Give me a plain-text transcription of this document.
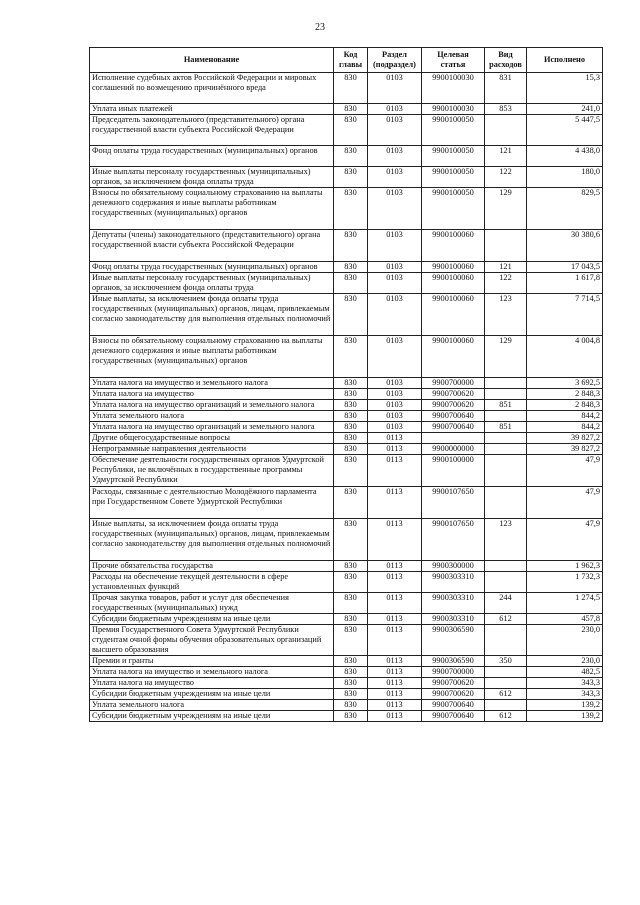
23
Наименование	Код главы	Раздел (подраздел)	Целевая статья	Вид расходов	Исполнено
Исполнение судебных актов Российской Федерации и мировых соглашений по возмещению причинённого вреда	830	0103	9900100030	831	15,3
Уплата иных платежей	830	0103	9900100030	853	241,0
Председатель законодательного (представительного) органа государственной власти субъекта Российской Федерации	830	0103	9900100050		5 447,5
Фонд оплаты труда государственных (муниципальных) органов	830	0103	9900100050	121	4 438,0
Иные выплаты персоналу государственных (муниципальных) органов, за исключением фонда оплаты труда	830	0103	9900100050	122	180,0
Взносы по обязательному социальному страхованию на выплаты денежного содержания и иные выплаты работникам государственных (муниципальных) органов	830	0103	9900100050	129	829,5
Депутаты (члены) законодательного (представительного) органа государственной власти субъекта Российской Федерации	830	0103	9900100060		30 380,6
Фонд оплаты труда государственных (муниципальных) органов	830	0103	9900100060	121	17 043,5
Иные выплаты персоналу государственных (муниципальных) органов, за исключением фонда оплаты труда	830	0103	9900100060	122	1 617,8
Иные выплаты, за исключением фонда оплаты труда государственных (муниципальных) органов, лицам, привлекаемым согласно законодательству для выполнения отдельных полномочий	830	0103	9900100060	123	7 714,5
Взносы по обязательному социальному страхованию на выплаты денежного содержания и иные выплаты работникам государственных (муниципальных) органов	830	0103	9900100060	129	4 004,8
Уплата налога на имущество и земельного налога	830	0103	9900700000		3 692,5
Уплата налога на имущество	830	0103	9900700620		2 848,3
Уплата налога на имущество организаций и земельного налога	830	0103	9900700620	851	2 848,3
Уплата земельного налога	830	0103	9900700640		844,2
Уплата налога на имущество организаций и земельного налога	830	0103	9900700640	851	844,2
Другие общегосударственные вопросы	830	0113			39 827,2
Непрограммные направления деятельности	830	0113	9900000000		39 827,2
Обеспечение деятельности государственных органов Удмуртской Республики, не включённых в государственные программы Удмуртской Республики	830	0113	9900100000		47,9
Расходы, связанные с деятельностью Молодёжного парламента при Государственном Совете Удмуртской Республики	830	0113	9900107650		47,9
Иные выплаты, за исключением фонда оплаты труда государственных (муниципальных) органов, лицам, привлекаемым согласно законодательству для выполнения отдельных полномочий	830	0113	9900107650	123	47,9
Прочие обязательства государства	830	0113	9900300000		1 962,3
Расходы на обеспечение текущей деятельности в сфере установленных функций	830	0113	9900303310		1 732,3
Прочая закупка товаров, работ и услуг для обеспечения государственных (муниципальных) нужд	830	0113	9900303310	244	1 274,5
Субсидии бюджетным учреждениям на иные цели	830	0113	9900303310	612	457,8
Премия Государственного Совета Удмуртской Республики студентам очной формы обучения образовательных организаций высшего образования	830	0113	9900306590		230,0
Премии и гранты	830	0113	9900306590	350	230,0
Уплата налога на имущество и земельного налога	830	0113	9900700000		482,5
Уплата налога на имущество	830	0113	9900700620		343,3
Субсидии бюджетным учреждениям на иные цели	830	0113	9900700620	612	343,3
Уплата земельного налога	830	0113	9900700640		139,2
Субсидии бюджетным учреждениям на иные цели	830	0113	9900700640	612	139,2
